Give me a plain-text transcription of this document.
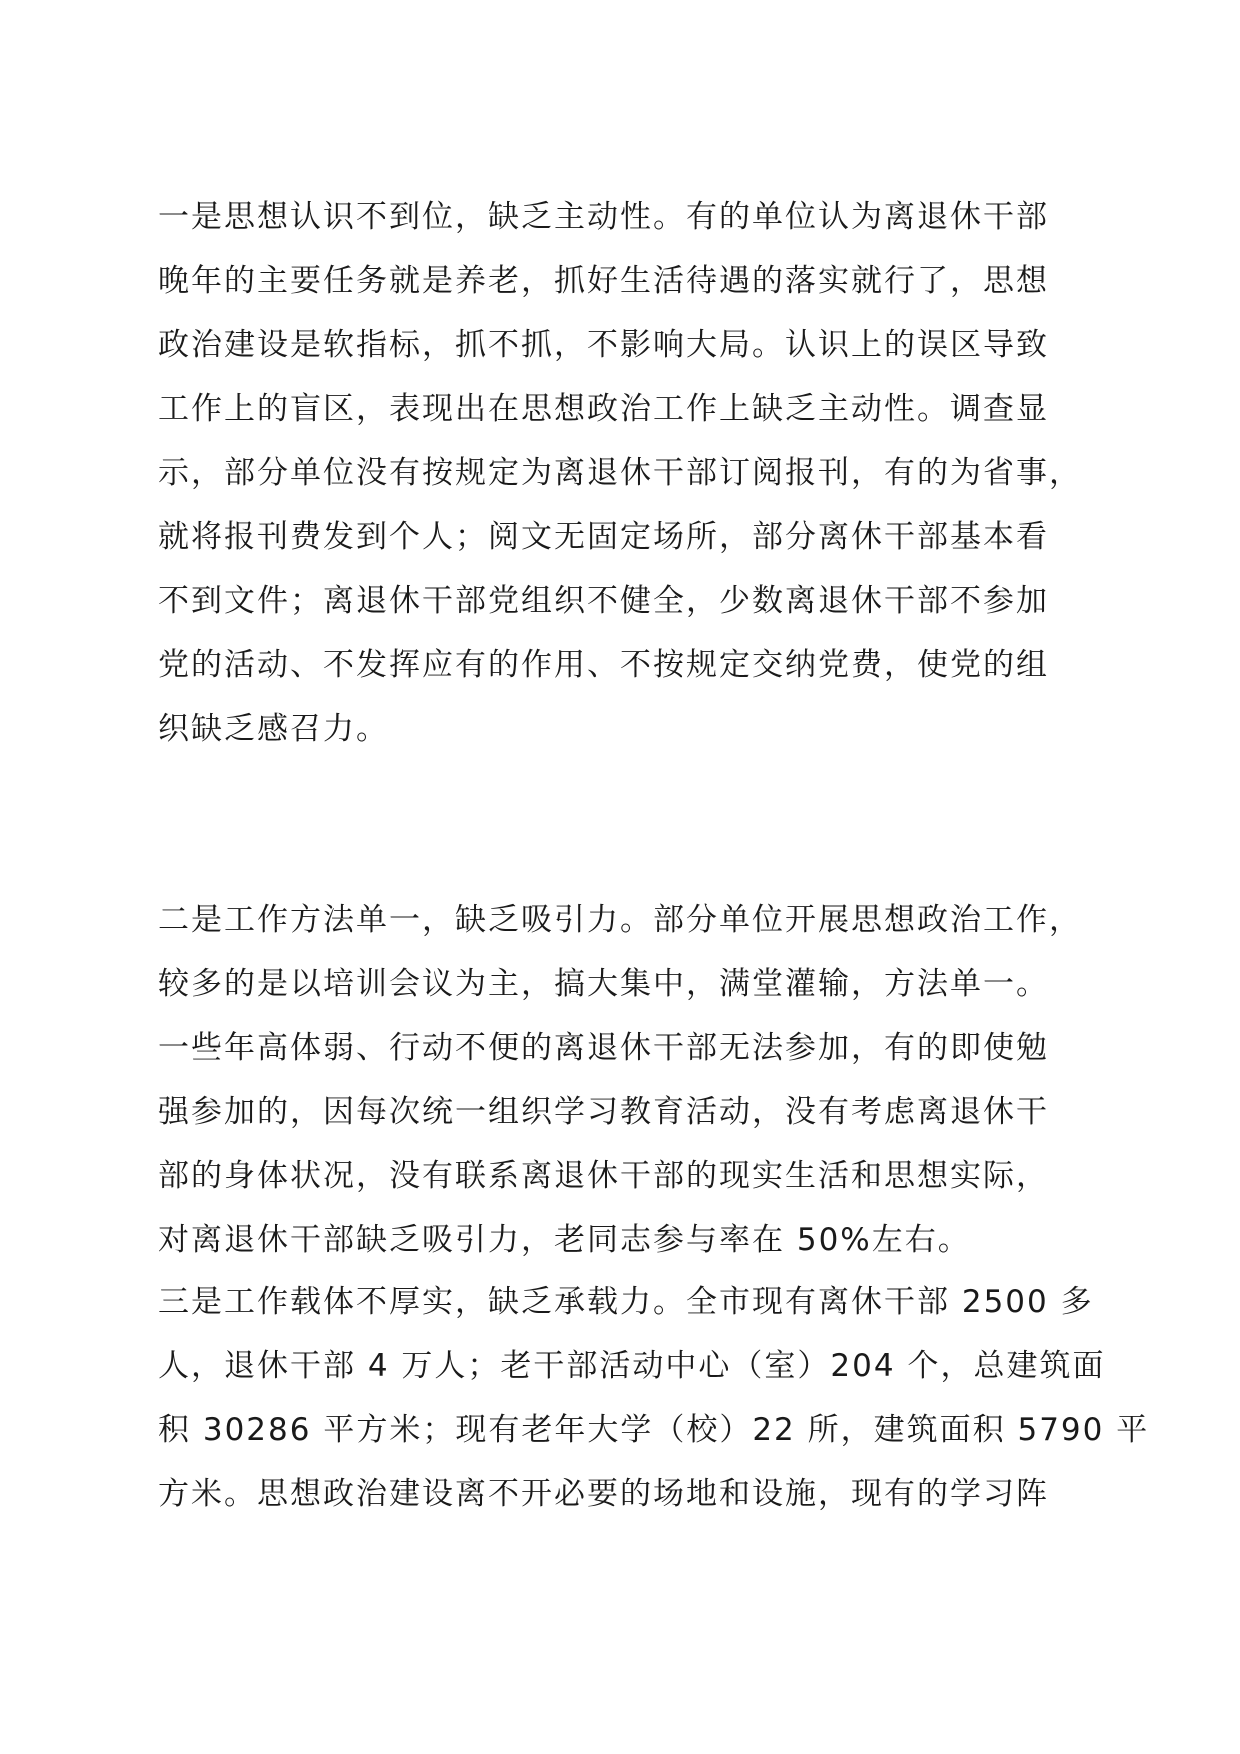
一是思想认识不到位，缺乏主动性。有的单位认为离退休干部
晚年的主要任务就是养老，抓好生活待遇的落实就行了，思想
政治建设是软指标，抓不抓，不影响大局。认识上的误区导致
工作上的盲区，表现出在思想政治工作上缺乏主动性。调查显
示，部分单位没有按规定为离退休干部订阅报刊，有的为省事，
就将报刊费发到个人；阅文无固定场所，部分离休干部基本看
不到文件；离退休干部党组织不健全，少数离退休干部不参加
党的活动、不发挥应有的作用、不按规定交纳党费，使党的组
织缺乏感召力。
二是工作方法单一，缺乏吸引力。部分单位开展思想政治工作，
较多的是以培训会议为主，搞大集中，满堂灌输，方法单一。
一些年高体弱、行动不便的离退休干部无法参加，有的即使勉
强参加的，因每次统一组织学习教育活动，没有考虑离退休干
部的身体状况，没有联系离退休干部的现实生活和思想实际，
对离退休干部缺乏吸引力，老同志参与率在 50%左右。
三是工作载体不厚实，缺乏承载力。全市现有离休干部 2500 多
人，退休干部 4 万人；老干部活动中心（室）204 个，总建筑面
积 30286 平方米；现有老年大学（校）22 所，建筑面积 5790 平
方米。思想政治建设离不开必要的场地和设施，现有的学习阵
